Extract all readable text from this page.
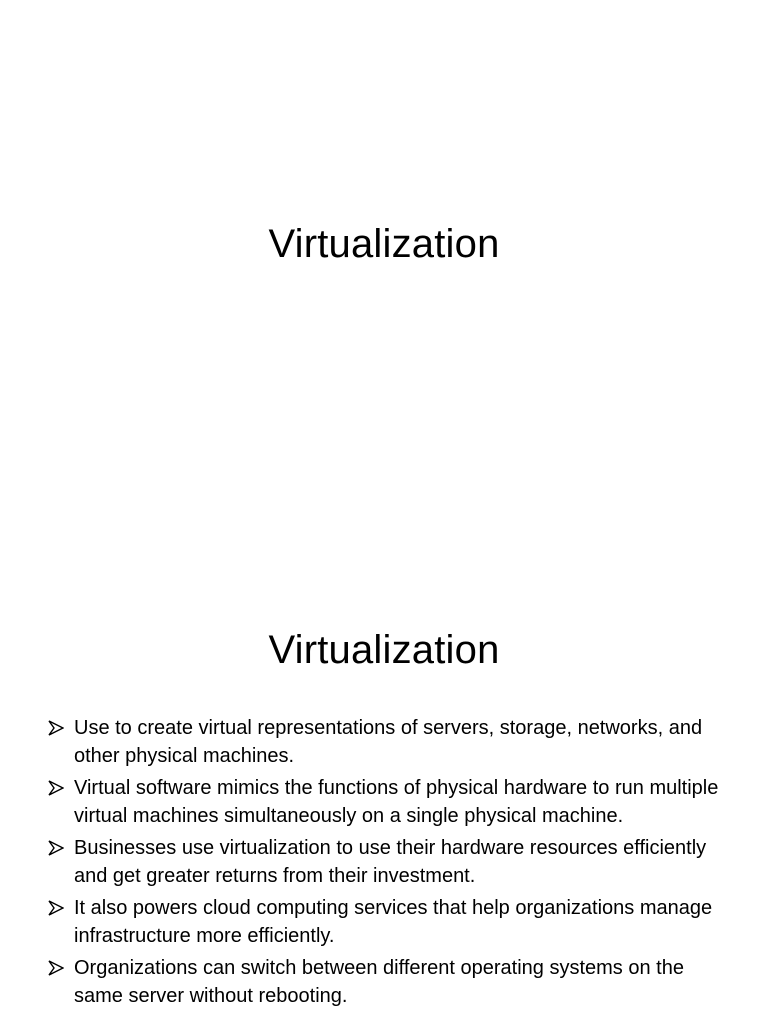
Virtualization
Virtualization
Use to create virtual representations of servers, storage, networks, and other physical machines.
Virtual software mimics the functions of physical hardware to run multiple virtual machines simultaneously on a single physical machine.
Businesses use virtualization to use their hardware resources efficiently and get greater returns from their investment.
It also powers cloud computing services that help organizations manage infrastructure more efficiently.
Organizations can switch between different operating systems on the same server without rebooting.
